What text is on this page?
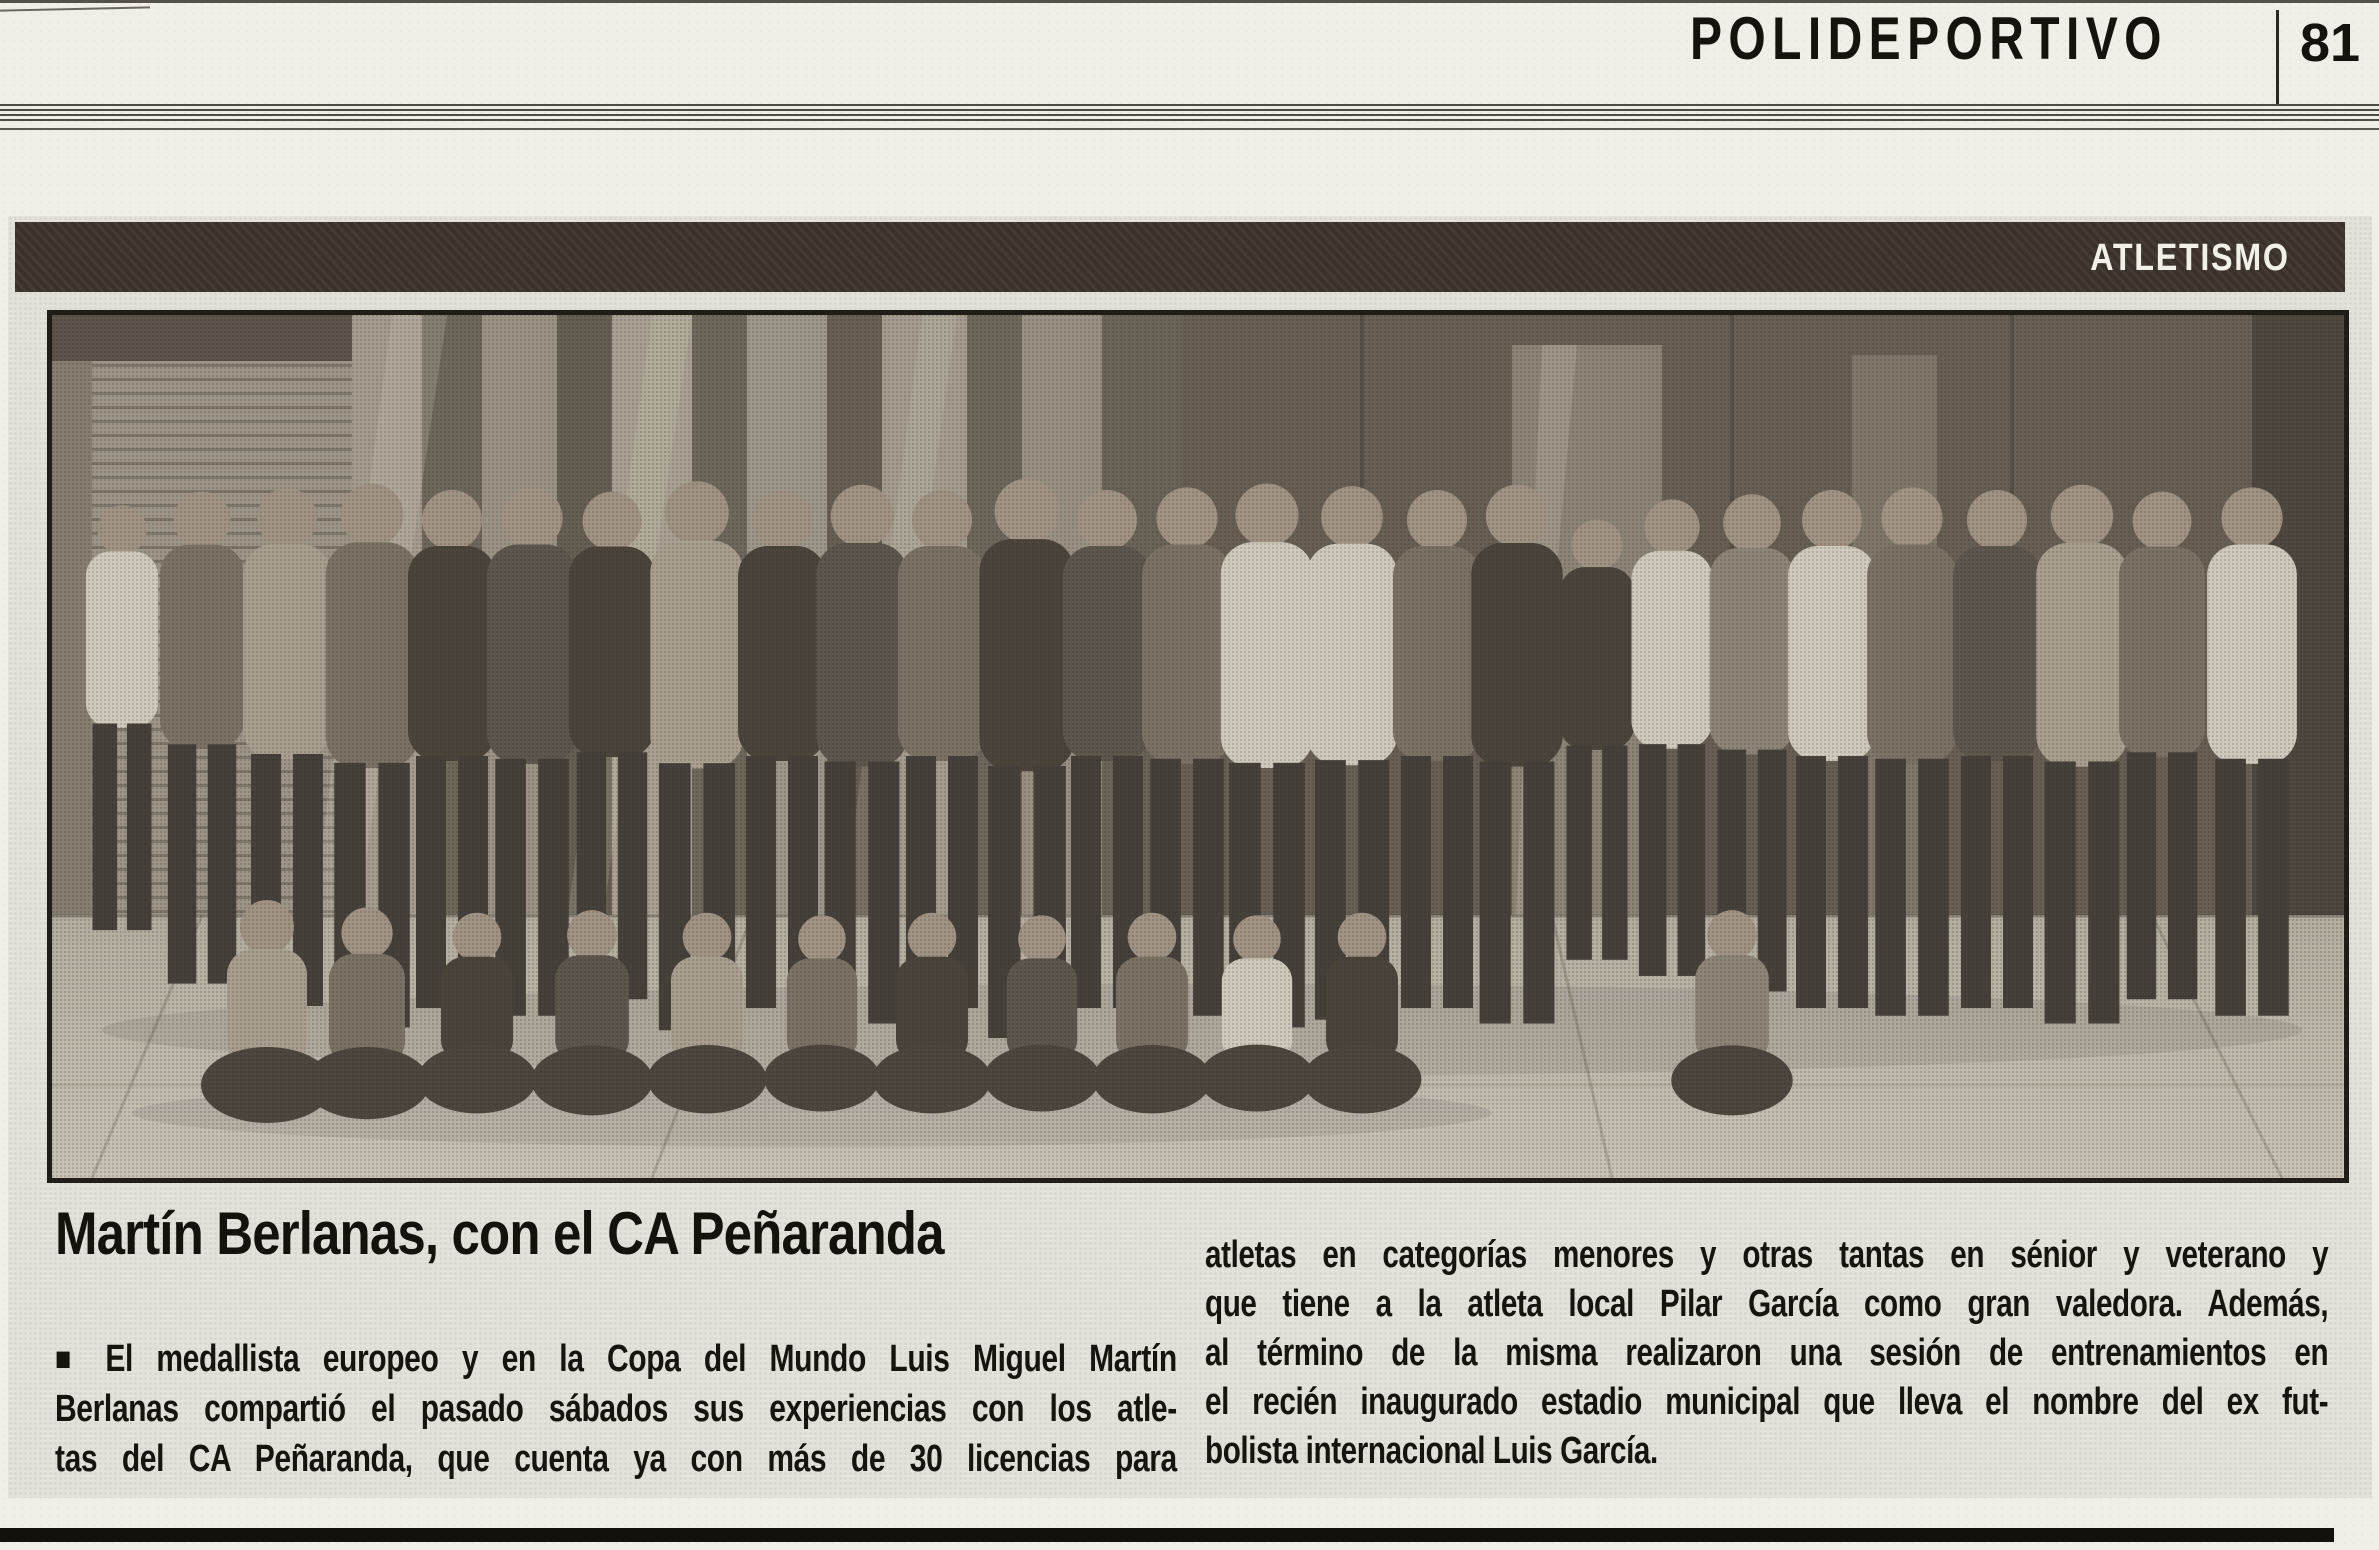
POLIDEPORTIVO	81
ATLETISMO
Martín Berlanas, con el CA Peñaranda
■ El medallista europeo y en la Copa del Mundo Luis Miguel Martín
Berlanas compartió el pasado sábados sus experiencias con los atle-
tas del CA Peñaranda, que cuenta ya con más de 30 licencias para
atletas en categorías menores y otras tantas en sénior y veterano y
que tiene a la atleta local Pilar García como gran valedora. Además,
al término de la misma realizaron una sesión de entrenamientos en
el recién inaugurado estadio municipal que lleva el nombre del ex fut-
bolista internacional Luis García.
